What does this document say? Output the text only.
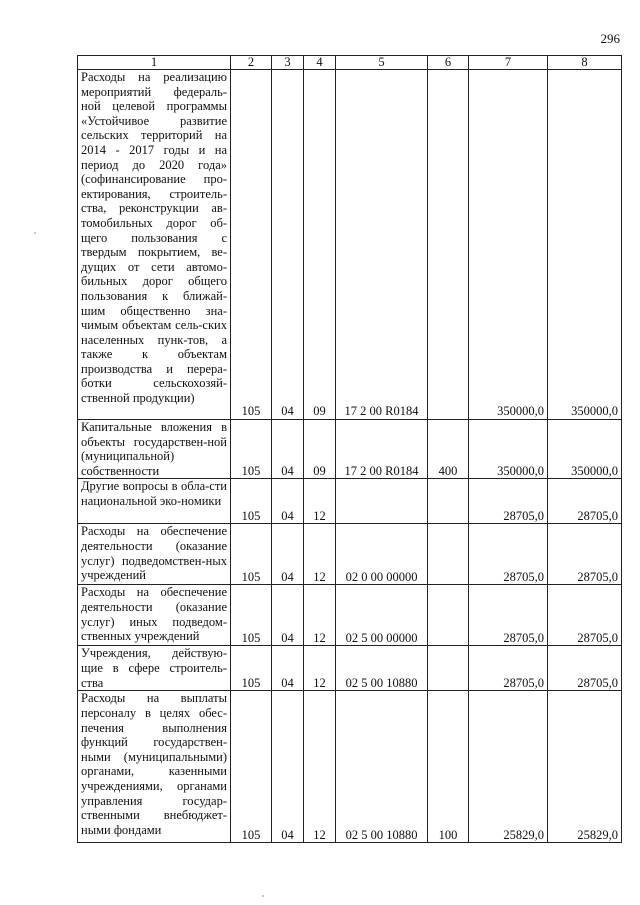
296
1	2	3	4	5	6	7	8

Расходы на реализацию мероприятий федераль-ной целевой программы «Устойчивое развитие сельских территорий на 2014 - 2017 годы и на период до 2020 года» (софинансирование про-ектирования, строитель-ства, реконструкции ав-томобильных дорог об-щего пользования с твердым покрытием, ве-дущих от сети автомо-бильных дорог общего пользования к ближай-шим общественно зна-чимым объектам сель-ских населенных пунк-тов, а также к объектам производства и перера-ботки сельскохозяй-ственной продукции)	105	04	09	17 2 00 R0184		350000,0	350000,0

Капитальные вложения в объекты государствен-ной (муниципальной) собственности	105	04	09	17 2 00 R0184	400	350000,0	350000,0

Другие вопросы в обла-сти национальной эко-номики	105	04	12			28705,0	28705,0

Расходы на обеспечение деятельности (оказание услуг) подведомствен-ных учреждений	105	04	12	02 0 00 00000		28705,0	28705,0

Расходы на обеспечение деятельности (оказание услуг) иных подведом-ственных учреждений	105	04	12	02 5 00 00000		28705,0	28705,0

Учреждения, действую-щие в сфере строитель-ства	105	04	12	02 5 00 10880		28705,0	28705,0

Расходы на выплаты персоналу в целях обес-печения выполнения функций государствен-ными (муниципальными) органами, казенными учреждениями, органами управления государ-ственными внебюджет-ными фондами	105	04	12	02 5 00 10880	100	25829,0	25829,0
